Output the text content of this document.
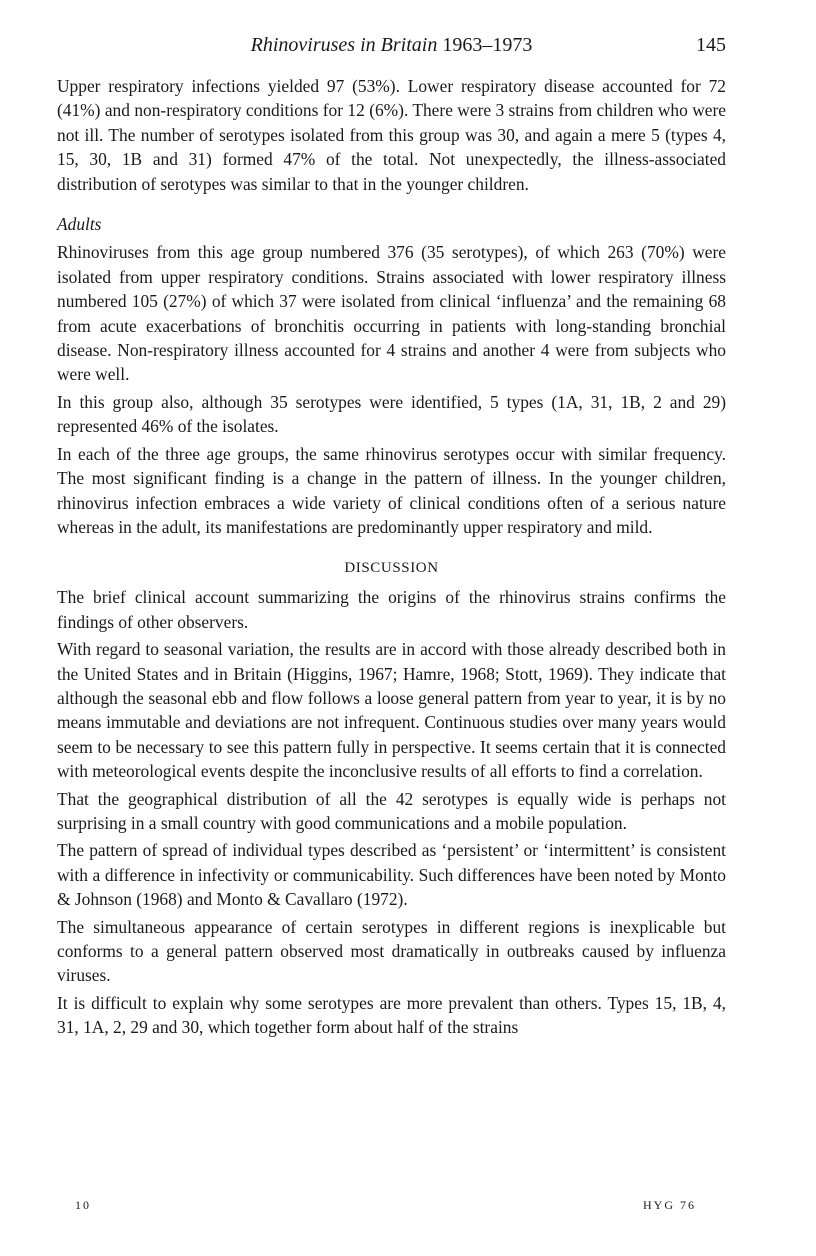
Rhinoviruses in Britain 1963–1973	145

Upper respiratory infections yielded 97 (53%). Lower respiratory disease accounted for 72 (41%) and non-respiratory conditions for 12 (6%). There were 3 strains from children who were not ill. The number of serotypes isolated from this group was 30, and again a mere 5 (types 4, 15, 30, 1B and 31) formed 47% of the total. Not unexpectedly, the illness-associated distribution of serotypes was similar to that in the younger children.

Adults

Rhinoviruses from this age group numbered 376 (35 serotypes), of which 263 (70%) were isolated from upper respiratory conditions. Strains associated with lower respiratory illness numbered 105 (27%) of which 37 were isolated from clinical ‘influenza’ and the remaining 68 from acute exacerbations of bronchitis occurring in patients with long-standing bronchial disease. Non-respiratory illness accounted for 4 strains and another 4 were from subjects who were well.

In this group also, although 35 serotypes were identified, 5 types (1A, 31, 1B, 2 and 29) represented 46% of the isolates.

In each of the three age groups, the same rhinovirus serotypes occur with similar frequency. The most significant finding is a change in the pattern of illness. In the younger children, rhinovirus infection embraces a wide variety of clinical conditions often of a serious nature whereas in the adult, its manifestations are predominantly upper respiratory and mild.

DISCUSSION

The brief clinical account summarizing the origins of the rhinovirus strains confirms the findings of other observers.

With regard to seasonal variation, the results are in accord with those already described both in the United States and in Britain (Higgins, 1967; Hamre, 1968; Stott, 1969). They indicate that although the seasonal ebb and flow follows a loose general pattern from year to year, it is by no means immutable and deviations are not infrequent. Continuous studies over many years would seem to be necessary to see this pattern fully in perspective. It seems certain that it is connected with meteorological events despite the inconclusive results of all efforts to find a correlation.

That the geographical distribution of all the 42 serotypes is equally wide is perhaps not surprising in a small country with good communications and a mobile population.

The pattern of spread of individual types described as ‘persistent’ or ‘intermittent’ is consistent with a difference in infectivity or communicability. Such differences have been noted by Monto & Johnson (1968) and Monto & Cavallaro (1972).

The simultaneous appearance of certain serotypes in different regions is inexplicable but conforms to a general pattern observed most dramatically in outbreaks caused by influenza viruses.

It is difficult to explain why some serotypes are more prevalent than others. Types 15, 1B, 4, 31, 1A, 2, 29 and 30, which together form about half of the strains

10	HYG 76
